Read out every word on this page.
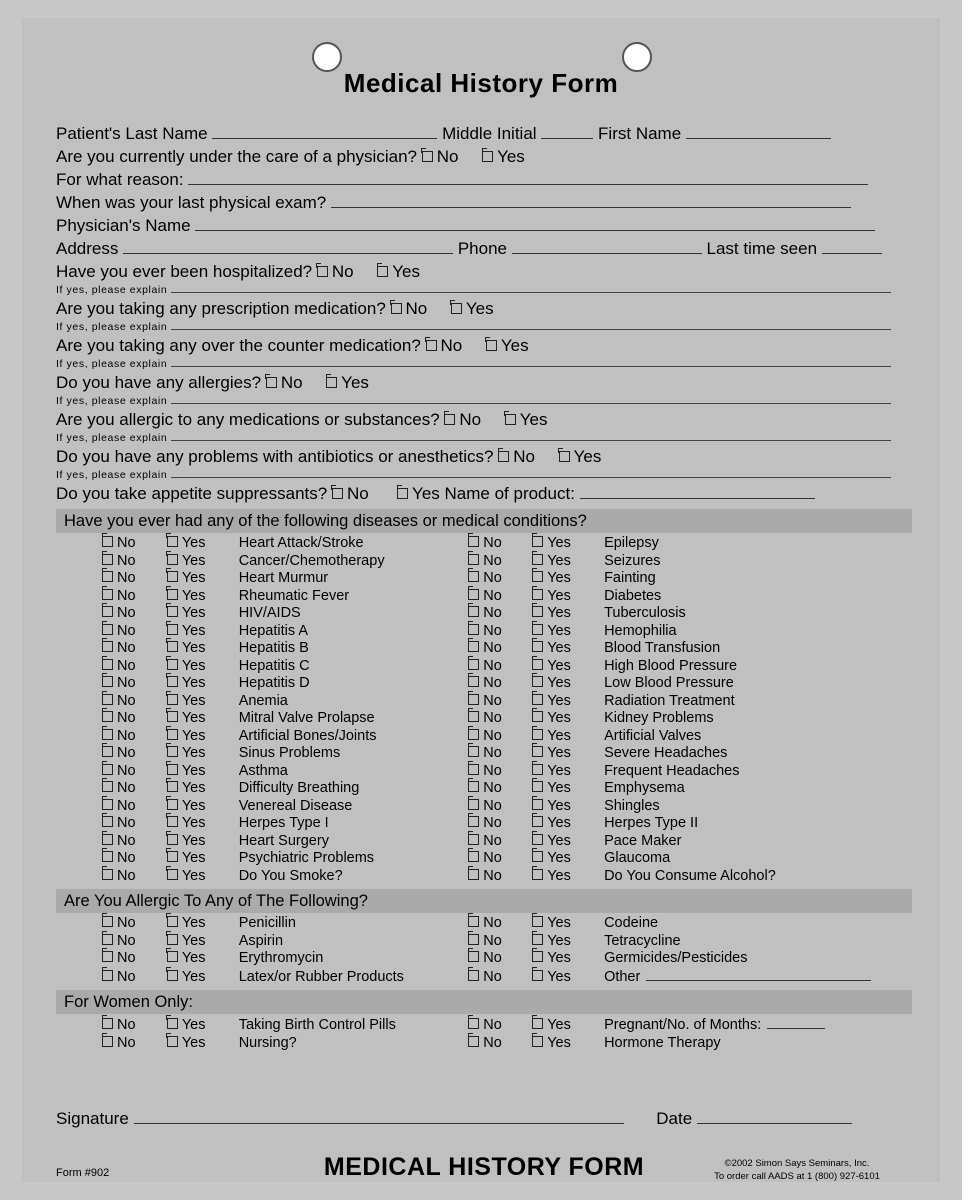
Medical History Form
Patient's Last Name	Middle Initial	First Name
Are you currently under the care of a physician? No Yes
For what reason:
When was your last physical exam?
Physician's Name
Address	Phone	Last time seen
Have you ever been hospitalized? No Yes
If yes, please explain
Are you taking any prescription medication? No Yes
If yes, please explain
Are you taking any over the counter medication? No Yes
If yes, please explain
Do you have any allergies? No Yes
If yes, please explain
Are you allergic to any medications or substances? No Yes
If yes, please explain
Do you have any problems with antibiotics or anesthetics? No Yes
If yes, please explain
Do you take appetite suppressants? No	Yes Name of product:
Have you ever had any of the following diseases or medical conditions?
No	Yes	Heart Attack/Stroke	No	Yes	Epilepsy
No	Yes	Cancer/Chemotherapy	No	Yes	Seizures
No	Yes	Heart Murmur	No	Yes	Fainting
No	Yes	Rheumatic Fever	No	Yes	Diabetes
No	Yes	HIV/AIDS	No	Yes	Tuberculosis
No	Yes	Hepatitis A	No	Yes	Hemophilia
No	Yes	Hepatitis B	No	Yes	Blood Transfusion
No	Yes	Hepatitis C	No	Yes	High Blood Pressure
No	Yes	Hepatitis D	No	Yes	Low Blood Pressure
No	Yes	Anemia	No	Yes	Radiation Treatment
No	Yes	Mitral Valve Prolapse	No	Yes	Kidney Problems
No	Yes	Artificial Bones/Joints	No	Yes	Artificial Valves
No	Yes	Sinus Problems	No	Yes	Severe Headaches
No	Yes	Asthma	No	Yes	Frequent Headaches
No	Yes	Difficulty Breathing	No	Yes	Emphysema
No	Yes	Venereal Disease	No	Yes	Shingles
No	Yes	Herpes Type I	No	Yes	Herpes Type II
No	Yes	Heart Surgery	No	Yes	Pace Maker
No	Yes	Psychiatric Problems	No	Yes	Glaucoma
No	Yes	Do You Smoke?	No	Yes	Do You Consume Alcohol?
Are You Allergic To Any of The Following?
No	Yes	Penicillin	No	Yes	Codeine
No	Yes	Aspirin	No	Yes	Tetracycline
No	Yes	Erythromycin	No	Yes	Germicides/Pesticides
No	Yes	Latex/or Rubber Products	No	Yes	Other
For Women Only:
No	Yes	Taking Birth Control Pills	No	Yes	Pregnant/No. of Months:
No	Yes	Nursing?	No	Yes	Hormone Therapy
Signature	Date
MEDICAL HISTORY FORM
Form #902
©2002 Simon Says Seminars, Inc.
To order call AADS at 1 (800) 927-6101
